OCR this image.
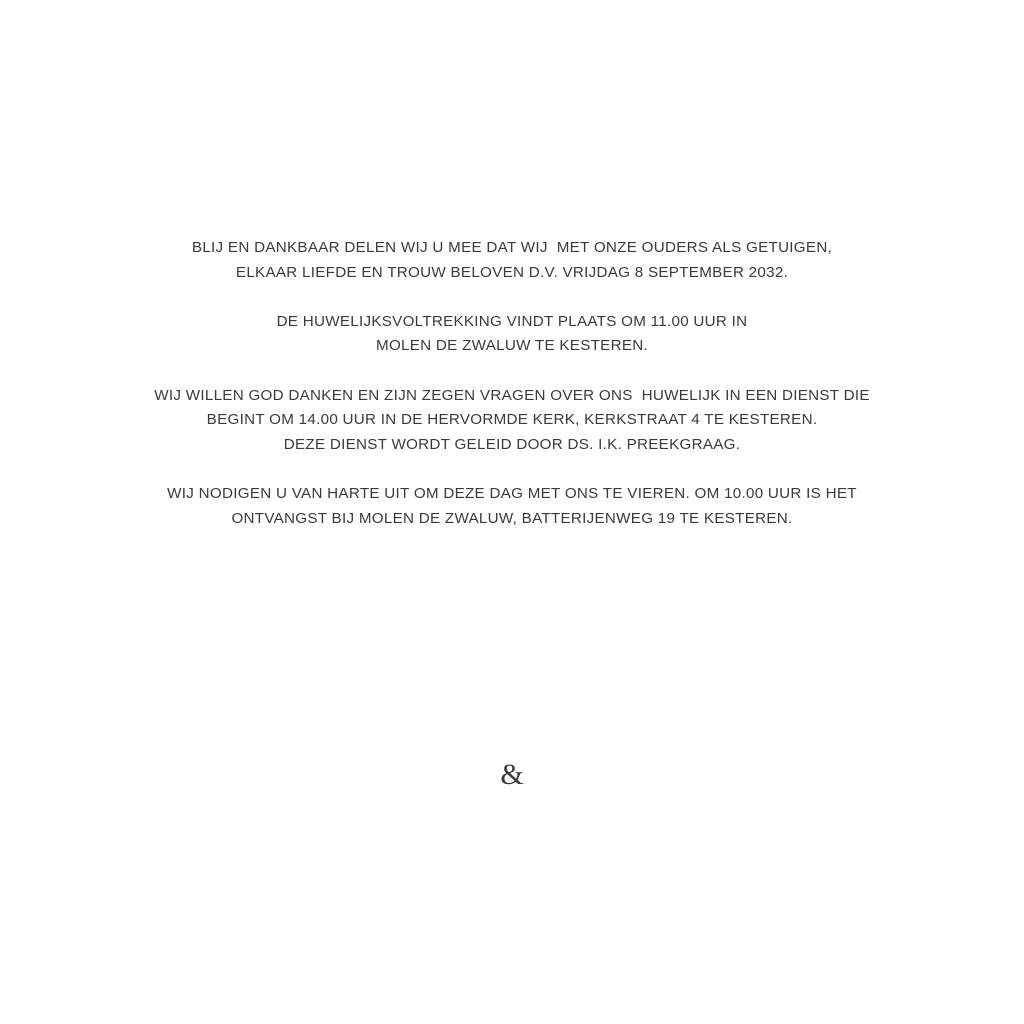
BLIJ EN DANKBAAR DELEN WIJ U MEE DAT WIJ  MET ONZE OUDERS ALS GETUIGEN,
ELKAAR LIEFDE EN TROUW BELOVEN D.V. VRIJDAG 8 SEPTEMBER 2032.

DE HUWELIJKSVOLTREKKING VINDT PLAATS OM 11.00 UUR IN
MOLEN DE ZWALUW TE KESTEREN.

WIJ WILLEN GOD DANKEN EN ZIJN ZEGEN VRAGEN OVER ONS  HUWELIJK IN EEN DIENST DIE
BEGINT OM 14.00 UUR IN DE HERVORMDE KERK, KERKSTRAAT 4 TE KESTEREN.
DEZE DIENST WORDT GELEID DOOR DS. I.K. PREEKGRAAG.

WIJ NODIGEN U VAN HARTE UIT OM DEZE DAG MET ONS TE VIEREN. OM 10.00 UUR IS HET
ONTVANGST BIJ MOLEN DE ZWALUW, BATTERIJENWEG 19 TE KESTEREN.

&
